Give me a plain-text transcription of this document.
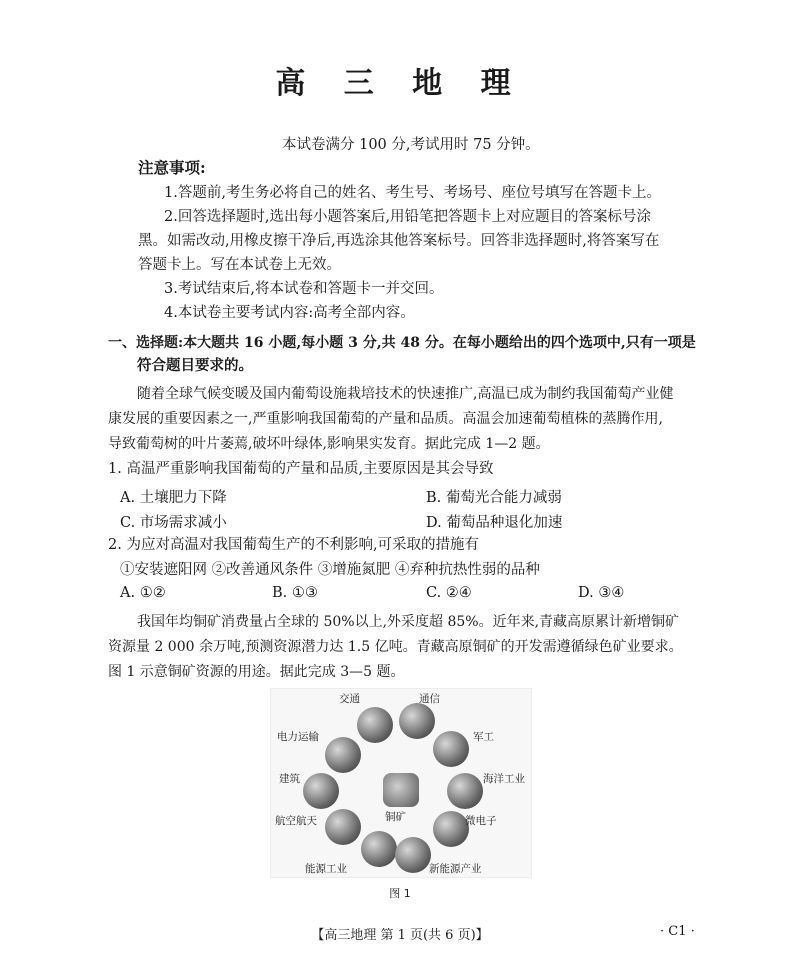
高 三 地 理
本试卷满分 100 分,考试用时 75 分钟。
注意事项:
1.答题前,考生务必将自己的姓名、考生号、考场号、座位号填写在答题卡上。
2.回答选择题时,选出每小题答案后,用铅笔把答题卡上对应题目的答案标号涂
黑。如需改动,用橡皮擦干净后,再选涂其他答案标号。回答非选择题时,将答案写在
答题卡上。写在本试卷上无效。
3.考试结束后,将本试卷和答题卡一并交回。
4.本试卷主要考试内容:高考全部内容。
一、选择题:本大题共 16 小题,每小题 3 分,共 48 分。在每小题给出的四个选项中,只有一项是
符合题目要求的。
随着全球气候变暖及国内葡萄设施栽培技术的快速推广,高温已成为制约我国葡萄产业健
康发展的重要因素之一,严重影响我国葡萄的产量和品质。高温会加速葡萄植株的蒸腾作用,
导致葡萄树的叶片萎蔫,破坏叶绿体,影响果实发育。据此完成 1—2 题。
1. 高温严重影响我国葡萄的产量和品质,主要原因是其会导致
A. 土壤肥力下降	B. 葡萄光合能力减弱
C. 市场需求减小	D. 葡萄品种退化加速
2. 为应对高温对我国葡萄生产的不利影响,可采取的措施有
①安装遮阳网 ②改善通风条件 ③增施氮肥 ④弃种抗热性弱的品种
A. ①②	B. ①③	C. ②④	D. ③④
我国年均铜矿消费量占全球的 50%以上,外采度超 85%。近年来,青藏高原累计新增铜矿
资源量 2 000 余万吨,预测资源潜力达 1.5 亿吨。青藏高原铜矿的开发需遵循绿色矿业要求。
图 1 示意铜矿资源的用途。据此完成 3—5 题。
交通	通信
电力运输	军工
建筑	海洋工业
铜矿
航空航天	微电子
能源工业	新能源产业
图 1
【高三地理 第 1 页(共 6 页)】	· C1 ·
